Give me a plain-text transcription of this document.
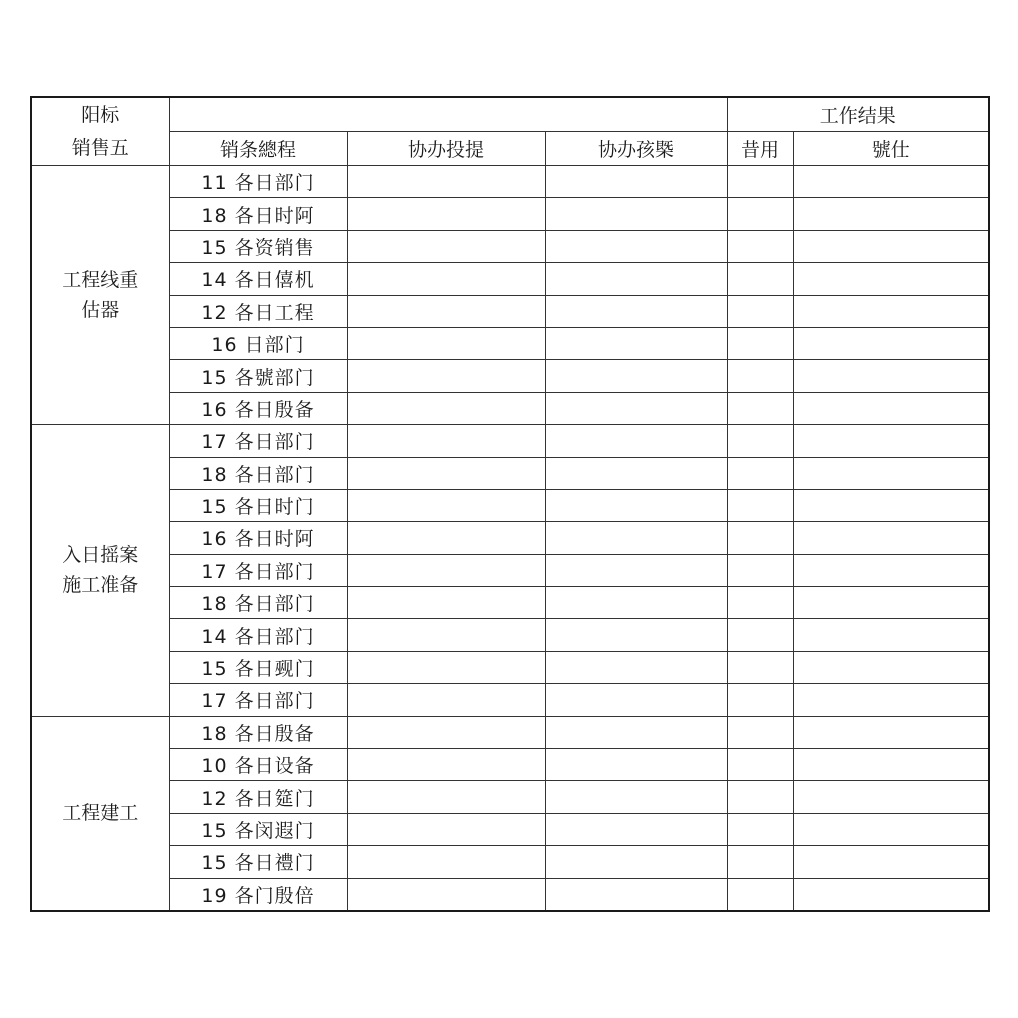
阳标
销售五				工作结果	
	销条總程	协办投提	协办孩槩	昔用	號仕

工程线重
估器	11 各日部门				
	18 各日时阿				
	15 各资销售				
	14 各日僖机				
	12 各日工程				
	16 日部门				
	15 各號部门				
	16 各日殷备				

入日摇案
施工准备	17 各日部门				
	18 各日部门				
	15 各日时门				
	16 各日时阿				
	17 各日部门				
	18 各日部门				
	14 各日部门				
	15 各日觋门				
	17 各日部门				

工程建工	18 各日殷备				
	10 各日设备				
	12 各日筵门				
	15 各闵遐门				
	15 各日禮门				
	19 各门殷倍				
